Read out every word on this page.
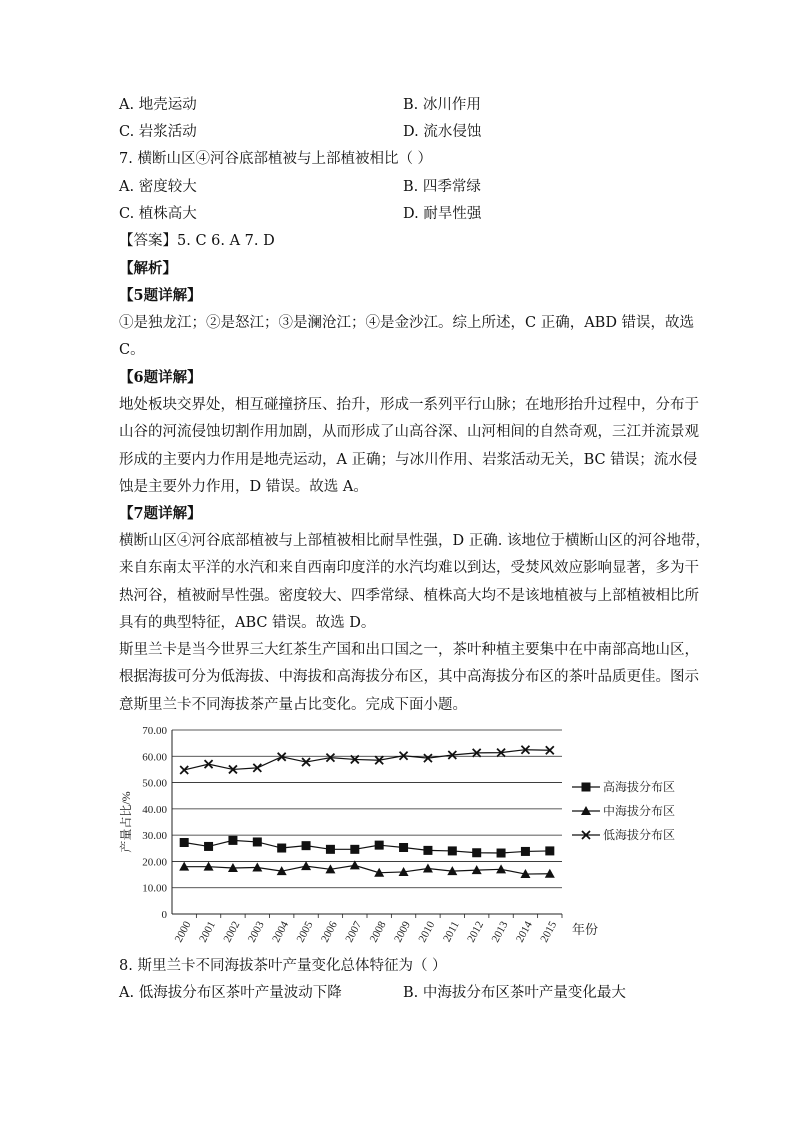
A. 地壳运动	B. 冰川作用
C. 岩浆活动	D. 流水侵蚀
7. 横断山区④河谷底部植被与上部植被相比（ ）
A. 密度较大	B. 四季常绿
C. 植株高大	D. 耐旱性强
【答案】5. C 6. A 7. D
【解析】
【5题详解】
①是独龙江；②是怒江；③是澜沧江；④是金沙江。综上所述，C 正确，ABD 错误，故选
C。
【6题详解】
地处板块交界处，相互碰撞挤压、抬升，形成一系列平行山脉；在地形抬升过程中，分布于
山谷的河流侵蚀切割作用加剧，从而形成了山高谷深、山河相间的自然奇观，三江并流景观
形成的主要内力作用是地壳运动，A 正确；与冰川作用、岩浆活动无关，BC 错误；流水侵
蚀是主要外力作用，D 错误。故选 A。
【7题详解】
横断山区④河谷底部植被与上部植被相比耐旱性强，D 正确. 该地位于横断山区的河谷地带，
来自东南太平洋的水汽和来自西南印度洋的水汽均难以到达，受焚风效应影响显著，多为干
热河谷，植被耐旱性强。密度较大、四季常绿、植株高大均不是该地植被与上部植被相比所
具有的典型特征，ABC 错误。故选 D。
斯里兰卡是当今世界三大红茶生产国和出口国之一，茶叶种植主要集中在中南部高地山区，
根据海拔可分为低海拔、中海拔和高海拔分布区，其中高海拔分布区的茶叶品质更佳。图示
意斯里兰卡不同海拔茶产量占比变化。完成下面小题。
0
10.00
20.00
30.00
40.00
50.00
60.00
70.00
2000 2001 2002 2003 2004 2005 2006 2007 2008 2009 2010 2011 2012 2013 2014 2015
产量占比/%
年份
高海拔分布区
中海拔分布区
低海拔分布区
8. 斯里兰卡不同海拔茶叶产量变化总体特征为（ ）
A. 低海拔分布区茶叶产量波动下降	B. 中海拔分布区茶叶产量变化最大
